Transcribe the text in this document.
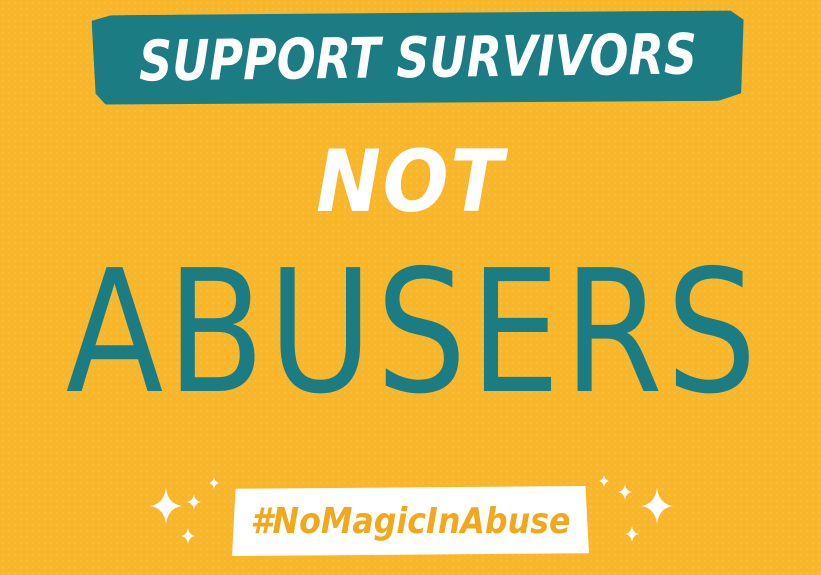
SUPPORT SURVIVORS
NOT
ABUSERS
#NoMagicInAbuse
